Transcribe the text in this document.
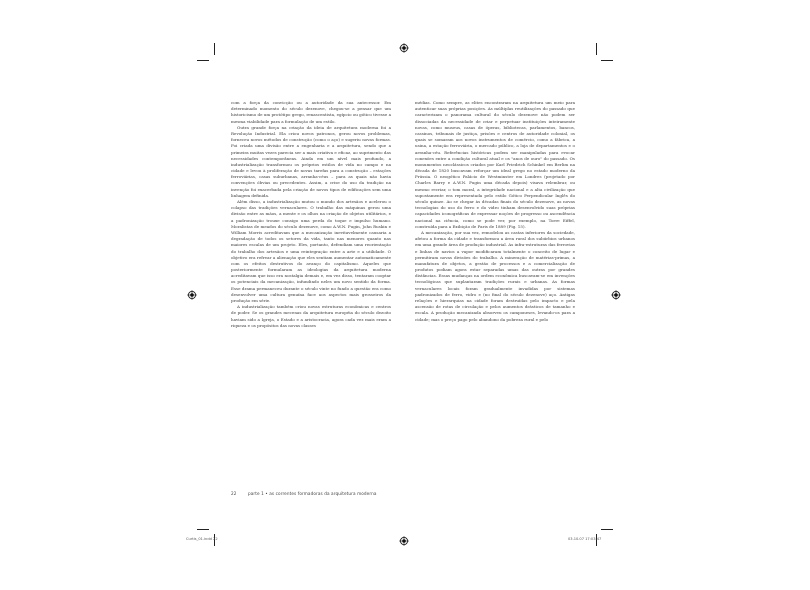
com a força da convicção ou a autoridade da sua antecessor. Em determinado momento do século dezenove, chegou-se a pensar que um historicismo de um protótipo grego, renascentista, egípcio ou gótico tivesse a mesma viabilidade para a formulação de um estilo.

Outra grande força na criação da ideia de arquitetura moderna foi a Revolução Industrial. Ela criou novos patronos, gerou novos problemas, forneceu novos métodos de construção (como o aço) e sugeriu novas formas. Foi criada uma divisão entre a engenharia e a arquitetura, sendo que a primeira muitas vezes parecia ser a mais criativa e eficaz, ao suprimento das necessidades contemporâneas. Ainda em um nível mais profundo, a industrialização transformou os próprios estilos de vida no campo e na cidade e levou à proliferação de novas tarefas para a construção – estações ferroviárias, casas suburbanas, arranha-céus – para as quais não havia convenções óbvias ou precedentes. Assim, a crise do uso da tradição na invenção foi exacerbada pela criação de novos tipos de edificações sem uma linhagem definida.

Além disso, a industrialização mutou o mundo dos artesãos e acelerou o colapso das tradições vernaculares. O trabalho das máquinas gerou uma divisão entre as mãos, a mente e os olhos na criação de objetos utilitários, e a padronização trouxe consigo uma perda do toque e impulso humano. Moralistas de meados do século dezenove, como A.W.N. Pugin, John Ruskin e William Morris acreditavam que a mecanização inevitavelmente causaria a degradação de todos os setores da vida, tanto nas menores quanto nas maiores escalas de um projeto. Eles, portanto, defendiam uma reorientação do trabalho dos artesãos e uma reintegração entre a arte e a utilidade. O objetivo era refrear a alienação que eles sentiam aumentar automaticamente com os efeitos destrutivos do avanço do capitalismo. Aqueles que posteriormente formularam as ideologias da arquitetura moderna acreditavam que isso era nostalgia demais e, em vez disso, tentaram cooptar os potenciais da mecanização, infundindo neles um novo sentido da forma. Esse drama permaneceu durante o século vinte no fundo a questão era como desenvolver uma cultura genuína face aos aspectos mais grosseiros da produção em série.

A industrialização também criou novas estruturas econômicas e centros de poder. Se os grandes mecenas da arquitetura européia do século dezoito haviam sido a Igreja, o Estado e a aristocracia, agora cada vez mais eram a riqueza e os propósitos das novas classes

médias. Como sempre, as elites encontraram na arquitetura um meio para autenticar suas próprias posições. As múltiplas reutilizações do passado que caracterizam o panorama cultural do século dezenove não podem ser dissociadas da necessidade de criar e perpetuar instituições inteiramente novas, como museus, casas de óperas, bibliotecas, parlamentos, bancos, cassinos, tribunais de justiça, prisões e centros de autoridade colonial, os quais se somaram aos novos instrumentos de comércio, como a fábrica, a usina, a estação ferroviária, o mercado público, a loja de departamentos e o arranha-céu. Referências históricas podem ser manipuladas para evocar conexões entre a condição cultural atual e os "anos de ouro" do passado. Os monumentos neoclássicos criados por Karl Friedrich Schinkel em Berlim na década de 1820 buscavam reforçar um ideal grego no estado moderno da Prússia. O neogótico Palácio de Westminster em Londres (projetado por Charles Barry e A.W.N. Pugin uma década depois) visava relembrar, ou mesmo recriar, o tom moral, a integridade nacional e a alta civilização que supostamente era representada pelo estilo Gótico Perpendicular Inglês do século quinze. Ao se chegar às décadas finais do século dezenove, as novas tecnologias do uso do ferro e do vidro tinham desenvolvido suas próprias capacidades iconográficas de expressar noções de progresso ou ascendência nacional na ciência, como se pode ver, por exemplo, na Torre Eiffel, construída para a Exibição de Paris de 1889 (Fig. 15).

A mecanização, por sua vez, remodelou as castas inferiores da sociedade, afetou a forma da cidade e transformou a área rural dos subúrbios urbanos em uma grande área de produção industrial. As infra-estruturas das ferrovias e linhas de navios a vapor modificaram totalmente o conceito de lugar e permitiram novas divisões do trabalho. A mineração de matérias-primas, a manufatura de objetos, a gestão de processos e a comercialização de produtos podiam agora estar separadas umas das outras por grandes distâncias. Essas mudanças na ordem econômica buscavam-se em invenções tecnológicas que suplantaram tradições rurais e urbanas. As formas vernaculares locais foram gradualmente invadidas por sistemas padronizados de ferro, vidro e (no final do século dezenove) aço. Antigas relações e hierarquias na cidade foram destruídas pelo impacto e pela ascensão de rotas de circulação e pelos aumentos drásticos de tamanho e escala. A produção mecanizada absorveu os camponeses, levando-os para a cidade; mas o preço pago pelo abandono da pobreza rural e pelo

22	parte 1 • as correntes formadoras da arquitetura moderna
Curtis_01.indd 22	03.10.07 17:03:47
